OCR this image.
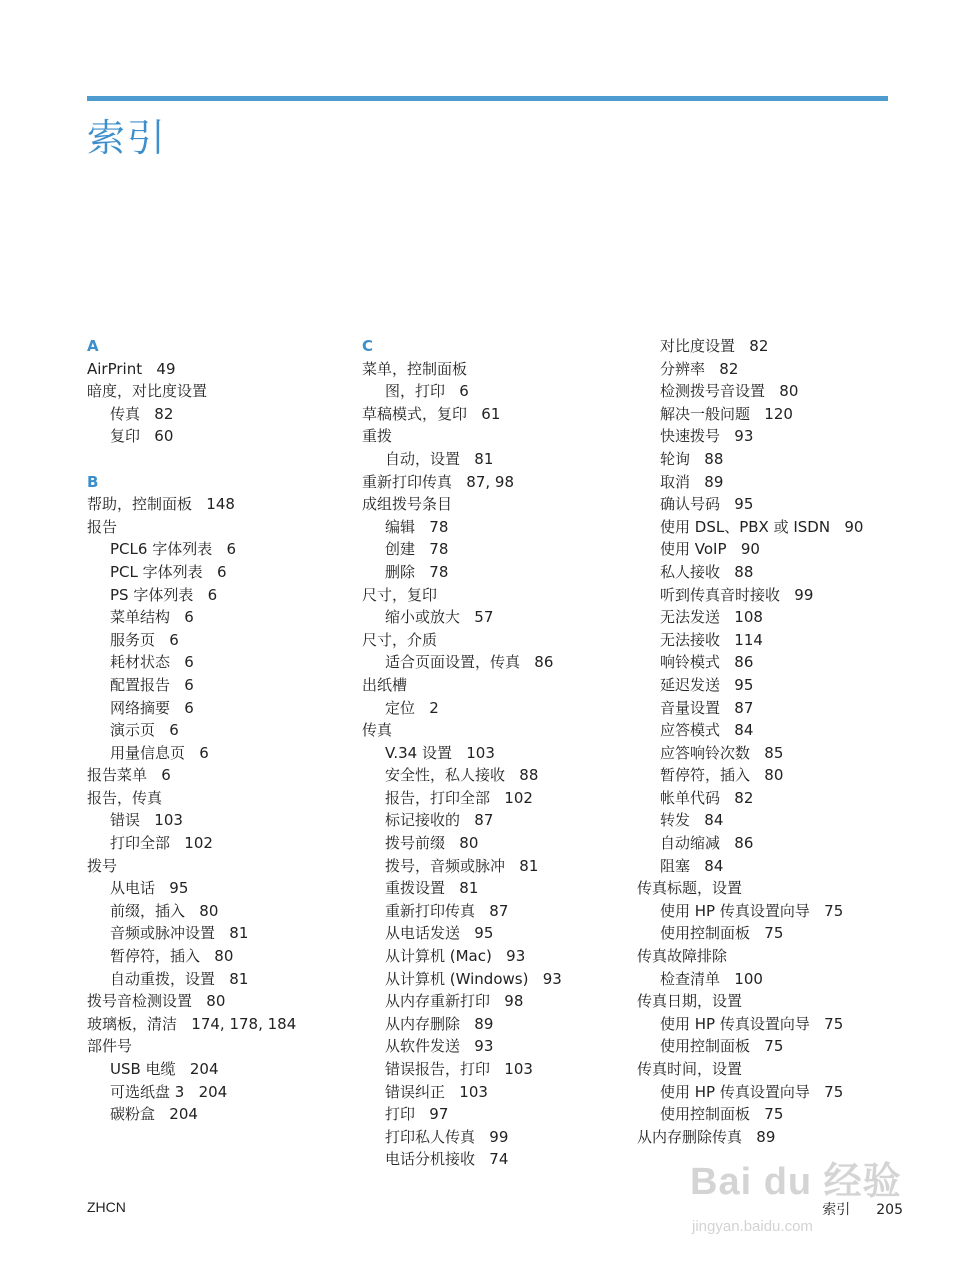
索引
A
AirPrint   49
暗度，对比度设置
传真   82
复印   60
B
帮助，控制面板   148
报告
PCL6 字体列表   6
PCL 字体列表   6
PS 字体列表   6
菜单结构   6
服务页   6
耗材状态   6
配置报告   6
网络摘要   6
演示页   6
用量信息页   6
报告菜单   6
报告，传真
错误   103
打印全部   102
拨号
从电话   95
前缀，插入   80
音频或脉冲设置   81
暂停符，插入   80
自动重拨，设置   81
拨号音检测设置   80
玻璃板，清洁   174, 178, 184
部件号
USB 电缆   204
可选纸盘 3   204
碳粉盒   204
C
菜单，控制面板
图，打印   6
草稿模式，复印   61
重拨
自动，设置   81
重新打印传真   87, 98
成组拨号条目
编辑   78
创建   78
删除   78
尺寸，复印
缩小或放大   57
尺寸，介质
适合页面设置，传真   86
出纸槽
定位   2
传真
V.34 设置   103
安全性，私人接收   88
报告，打印全部   102
标记接收的   87
拨号前缀   80
拨号，音频或脉冲   81
重拨设置   81
重新打印传真   87
从电话发送   95
从计算机 (Mac)   93
从计算机 (Windows)   93
从内存重新打印   98
从内存删除   89
从软件发送   93
错误报告，打印   103
错误纠正   103
打印   97
打印私人传真   99
电话分机接收   74
对比度设置   82
分辨率   82
检测拨号音设置   80
解决一般问题   120
快速拨号   93
轮询   88
取消   89
确认号码   95
使用 DSL、PBX 或 ISDN   90
使用 VoIP   90
私人接收   88
听到传真音时接收   99
无法发送   108
无法接收   114
响铃模式   86
延迟发送   95
音量设置   87
应答模式   84
应答响铃次数   85
暂停符，插入   80
帐单代码   82
转发   84
自动缩减   86
阻塞   84
传真标题，设置
使用 HP 传真设置向导   75
使用控制面板   75
传真故障排除
检查清单   100
传真日期，设置
使用 HP 传真设置向导   75
使用控制面板   75
传真时间，设置
使用 HP 传真设置向导   75
使用控制面板   75
从内存删除传真   89
ZHCN	索引 205
Bai du 经验
jingyan.baidu.com
